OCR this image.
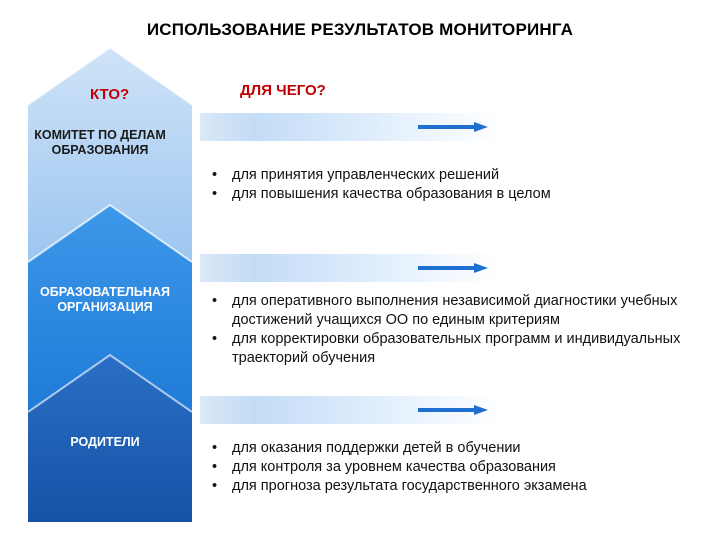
ИСПОЛЬЗОВАНИЕ РЕЗУЛЬТАТОВ МОНИТОРИНГА
КТО?	ДЛЯ ЧЕГО?
КОМИТЕТ ПО ДЕЛАМ ОБРАЗОВАНИЯ
ОБРАЗОВАТЕЛЬНАЯ ОРГАНИЗАЦИЯ
РОДИТЕЛИ
• для принятия управленческих решений
• для повышения качества образования в целом
• для оперативного выполнения независимой диагностики учебных достижений учащихся ОО по единым критериям
• для корректировки образовательных программ и индивидуальных траекторий обучения
• для оказания поддержки детей в обучении
• для контроля за уровнем качества образования
• для прогноза результата государственного экзамена
